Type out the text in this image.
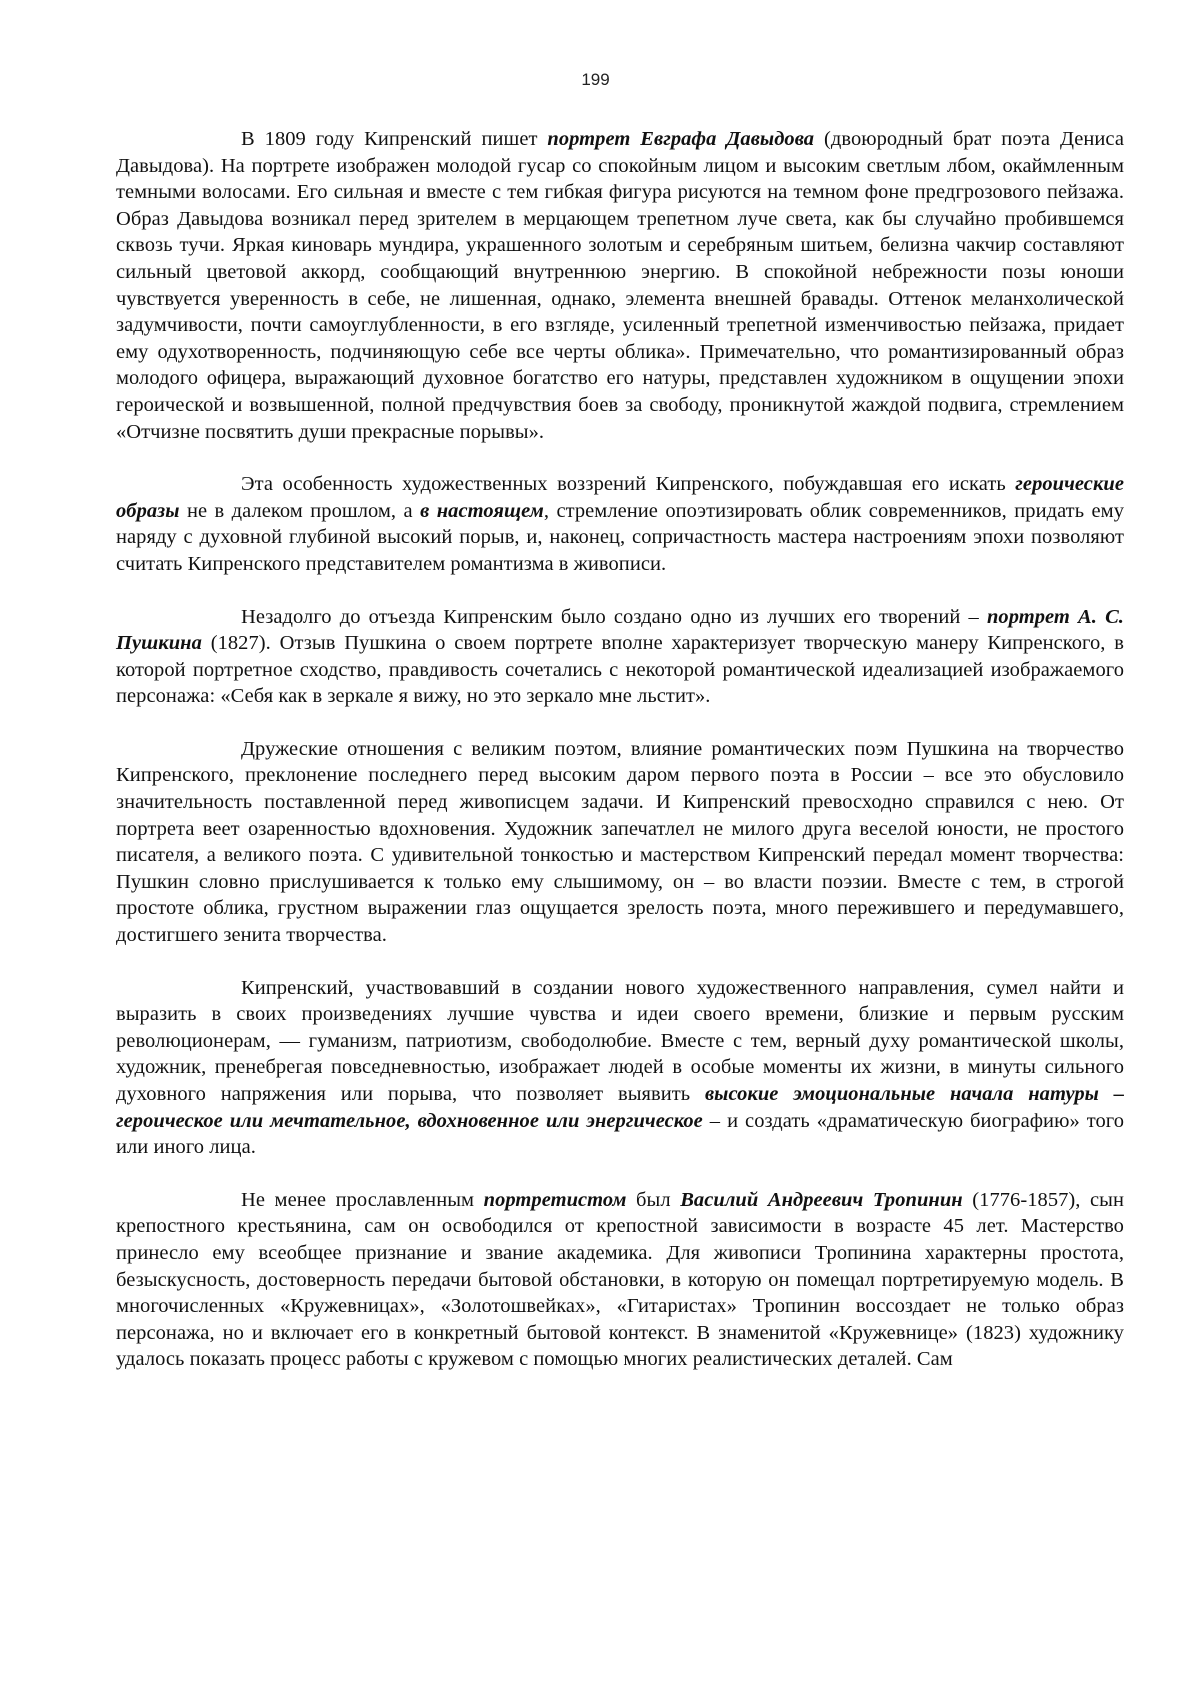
199

В 1809 году Кипренский пишет портрет Евграфа Давыдова (двоюродный брат поэта Дениса Давыдова). На портрете изображен молодой гусар со спокойным лицом и высоким светлым лбом, окаймленным темными волосами. Его сильная и вместе с тем гибкая фигура рисуются на темном фоне предгрозового пейзажа. Образ Давыдова возникал перед зрителем в мерцающем трепетном луче света, как бы случайно пробившемся сквозь тучи. Яркая киноварь мундира, украшенного золотым и серебряным шитьем, белизна чакчир составляют сильный цветовой аккорд, сообщающий внутреннюю энергию. В спокойной небрежности позы юноши чувствуется уверенность в себе, не лишенная, однако, элемента внешней бравады. Оттенок меланхолической задумчивости, почти самоуглубленности, в его взгляде, усиленный трепетной изменчивостью пейзажа, придает ему одухотворенность, подчиняющую себе все черты облика». Примечательно, что романтизированный образ молодого офицера, выражающий духовное богатство его натуры, представлен художником в ощущении эпохи героической и возвышенной, полной предчувствия боев за свободу, проникнутой жаждой подвига, стремлением «Отчизне посвятить души прекрасные порывы».

Эта особенность художественных воззрений Кипренского, побуждавшая его искать героические образы не в далеком прошлом, а в настоящем, стремление опоэтизировать облик современников, придать ему наряду с духовной глубиной высокий порыв, и, наконец, сопричастность мастера настроениям эпохи позволяют считать Кипренского представителем романтизма в живописи.

Незадолго до отъезда Кипренским было создано одно из лучших его творений – портрет А. С. Пушкина (1827). Отзыв Пушкина о своем портрете вполне характеризует творческую манеру Кипренского, в которой портретное сходство, правдивость сочетались с некоторой романтической идеализацией изображаемого персонажа: «Себя как в зеркале я вижу, но это зеркало мне льстит».

Дружеские отношения с великим поэтом, влияние романтических поэм Пушкина на творчество Кипренского, преклонение последнего перед высоким даром первого поэта в России – все это обусловило значительность поставленной перед живописцем задачи. И Кипренский превосходно справился с нею. От портрета веет озаренностью вдохновения. Художник запечатлел не милого друга веселой юности, не простого писателя, а великого поэта. С удивительной тонкостью и мастерством Кипренский передал момент творчества: Пушкин словно прислушивается к только ему слышимому, он – во власти поэзии. Вместе с тем, в строгой простоте облика, грустном выражении глаз ощущается зрелость поэта, много пережившего и передумавшего, достигшего зенита творчества.

Кипренский, участвовавший в создании нового художественного направления, сумел найти и выразить в своих произведениях лучшие чувства и идеи своего времени, близкие и первым русским революционерам, — гуманизм, патриотизм, свободолюбие. Вместе с тем, верный духу романтической школы, художник, пренебрегая повседневностью, изображает людей в особые моменты их жизни, в минуты сильного духовного напряжения или порыва, что позволяет выявить высокие эмоциональные начала натуры – героическое или мечтательное, вдохновенное или энергическое – и создать «драматическую биографию» того или иного лица.

Не менее прославленным портретистом был Василий Андреевич Тропинин (1776-1857), сын крепостного крестьянина, сам он освободился от крепостной зависимости в возрасте 45 лет. Мастерство принесло ему всеобщее признание и звание академика. Для живописи Тропинина характерны простота, безыскусность, достоверность передачи бытовой обстановки, в которую он помещал портретируемую модель. В многочисленных «Кружевницах», «Золотошвейках», «Гитаристах» Тропинин воссоздает не только образ персонажа, но и включает его в конкретный бытовой контекст. В знаменитой «Кружевнице» (1823) художнику удалось показать процесс работы с кружевом с помощью многих реалистических деталей. Сам
